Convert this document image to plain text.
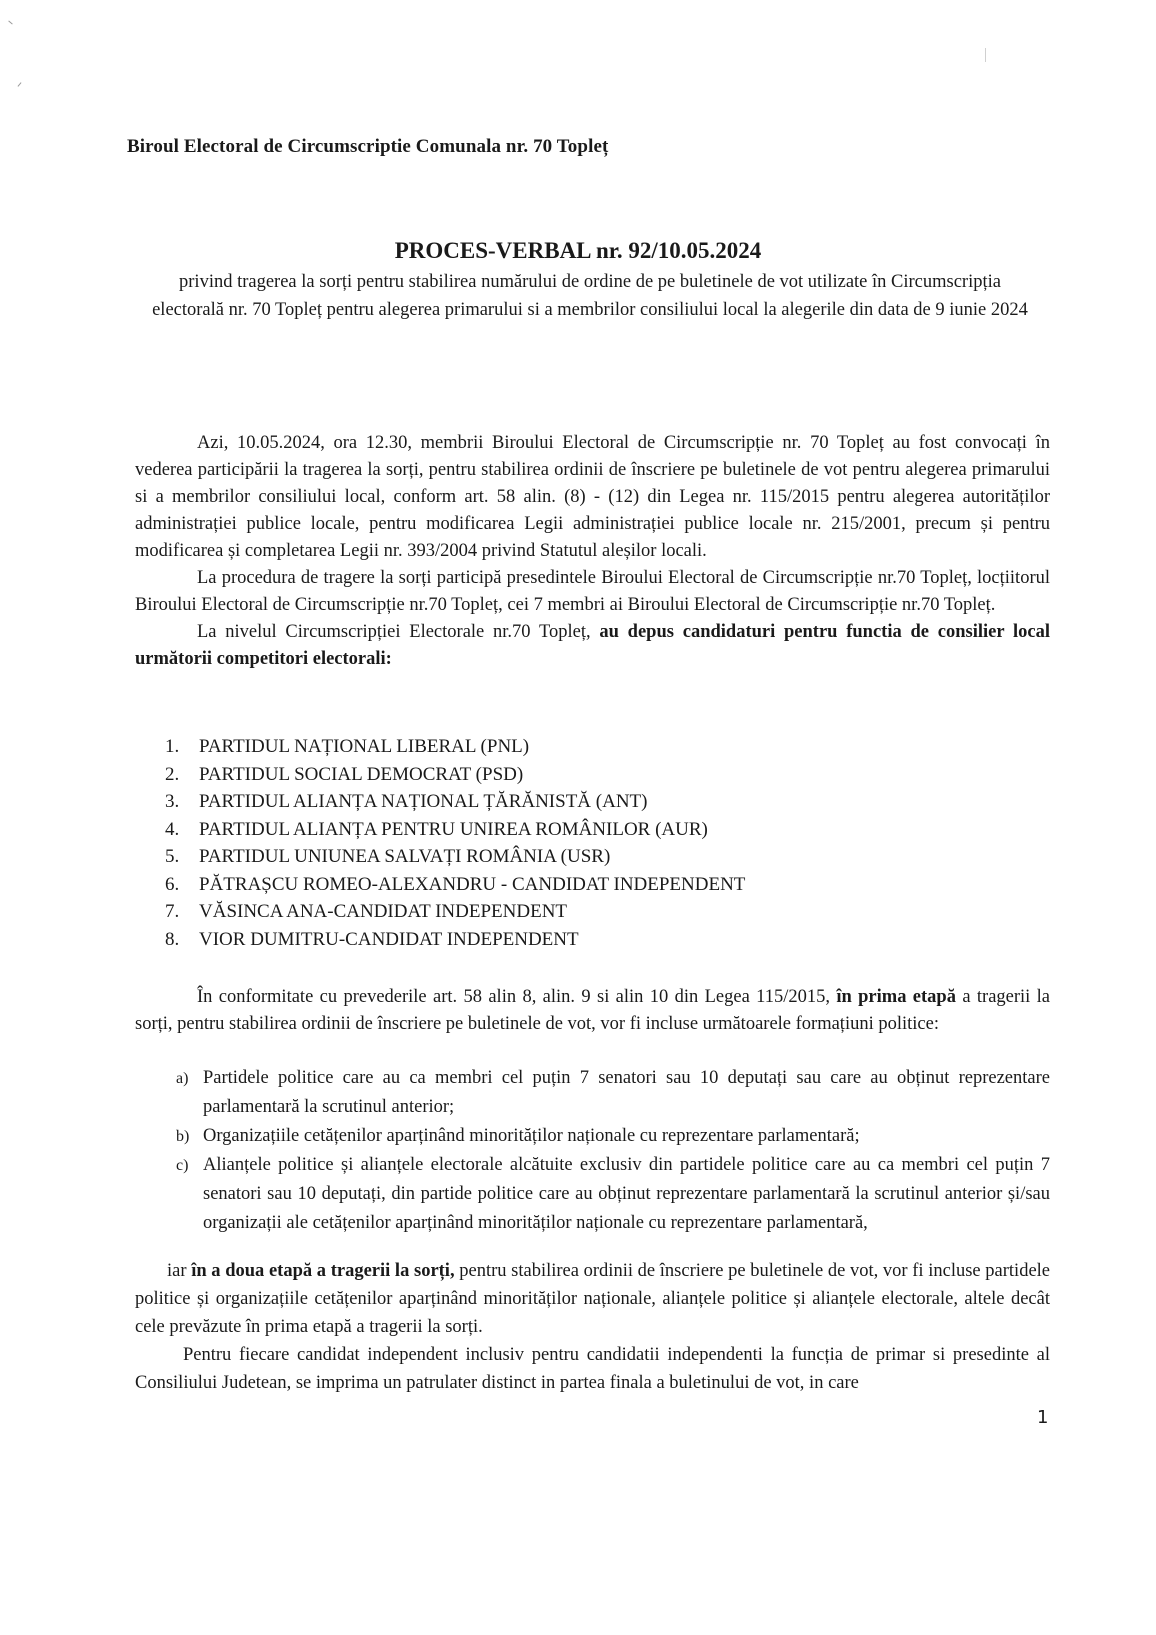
Biroul Electoral de Circumscriptie Comunala nr. 70 Topleț
PROCES-VERBAL nr. 92/10.05.2024
privind tragerea la sorți pentru stabilirea numărului de ordine de pe buletinele de vot utilizate în Circumscripția electorală nr. 70 Topleț pentru alegerea primarului si a membrilor consiliului local la alegerile din data de 9 iunie 2024

Azi, 10.05.2024, ora 12.30, membrii Biroului Electoral de Circumscripție nr. 70 Topleț au fost convocați în vederea participării la tragerea la sorți, pentru stabilirea ordinii de înscriere pe buletinele de vot pentru alegerea primarului si a membrilor consiliului local, conform art. 58 alin. (8) - (12) din Legea nr. 115/2015 pentru alegerea autorităților administrației publice locale, pentru modificarea Legii administrației publice locale nr. 215/2001, precum și pentru modificarea și completarea Legii nr. 393/2004 privind Statutul aleșilor locali.

La procedura de tragere la sorți participă presedintele Biroului Electoral de Circumscripție nr.70 Topleț, locțiitorul Biroului Electoral de Circumscripție nr.70 Topleț, cei 7 membri ai Biroului Electoral de Circumscripție nr.70 Topleț.

La nivelul Circumscripției Electorale nr.70 Topleț, au depus candidaturi pentru functia de consilier local următorii competitori electorali:

1.	PARTIDUL NAȚIONAL LIBERAL (PNL)
2.	PARTIDUL SOCIAL DEMOCRAT (PSD)
3.	PARTIDUL ALIANȚA NAȚIONAL ȚĂRĂNISTĂ (ANT)
4.	PARTIDUL ALIANȚA PENTRU UNIREA ROMÂNILOR (AUR)
5.	PARTIDUL UNIUNEA SALVAȚI ROMÂNIA (USR)
6.	PĂTRAȘCU ROMEO-ALEXANDRU - CANDIDAT INDEPENDENT
7.	VĂSINCA ANA-CANDIDAT INDEPENDENT
8.	VIOR DUMITRU-CANDIDAT INDEPENDENT

În conformitate cu prevederile art. 58 alin 8, alin. 9 si alin 10 din Legea 115/2015, în prima etapă a tragerii la sorți, pentru stabilirea ordinii de înscriere pe buletinele de vot, vor fi incluse următoarele formațiuni politice:

a) Partidele politice care au ca membri cel puțin 7 senatori sau 10 deputați sau care au obținut reprezentare parlamentară la scrutinul anterior;
b) Organizațiile cetățenilor aparținând minorităților naționale cu reprezentare parlamentară;
c) Alianțele politice și alianțele electorale alcătuite exclusiv din partidele politice care au ca membri cel puțin 7 senatori sau 10 deputați, din partide politice care au obținut reprezentare parlamentară la scrutinul anterior și/sau organizații ale cetățenilor aparținând minorităților naționale cu reprezentare parlamentară,

iar în a doua etapă a tragerii la sorți, pentru stabilirea ordinii de înscriere pe buletinele de vot, vor fi incluse partidele politice și organizațiile cetățenilor aparținând minorităților naționale, alianțele politice și alianțele electorale, altele decât cele prevăzute în prima etapă a tragerii la sorți.

Pentru fiecare candidat independent inclusiv pentru candidatii independenti la funcția de primar si presedinte al Consiliului Judetean, se imprima un patrulater distinct in partea finala a buletinului de vot, in care

1
